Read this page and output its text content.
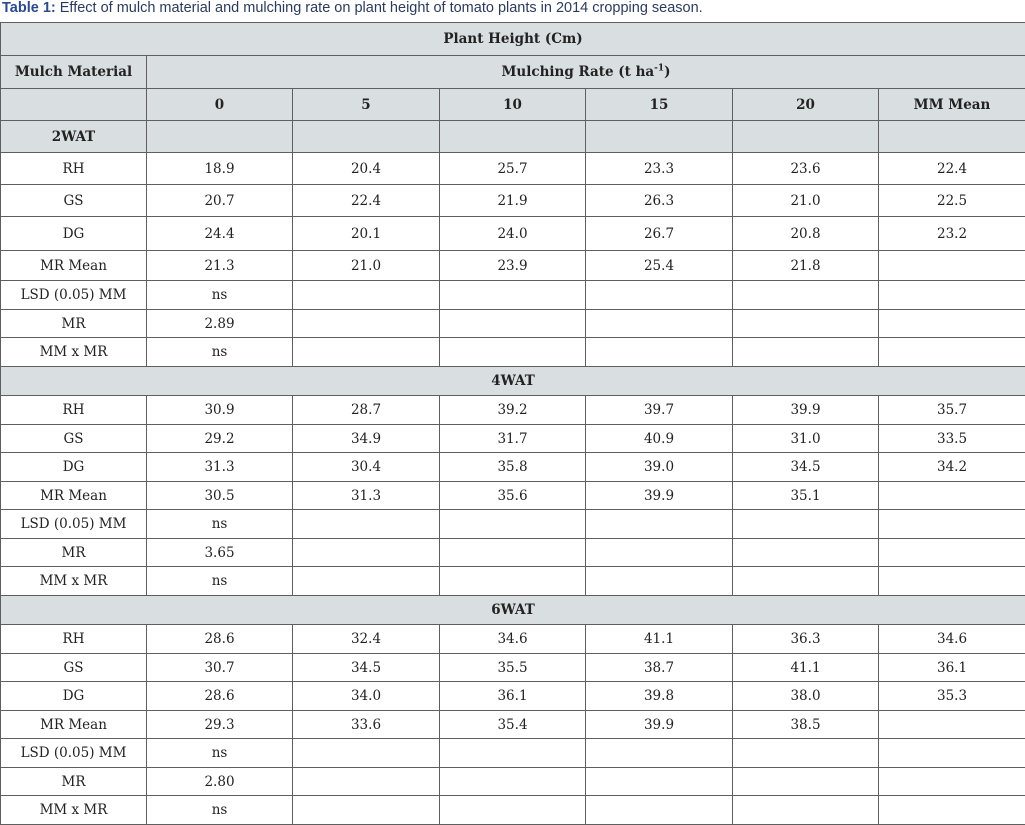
Table 1: Effect of mulch material and mulching rate on plant height of tomato plants in 2014 cropping season.
Plant Height (Cm)						
Mulch Material	Mulching Rate (t $ha^{-1}$)					
	0	5	10	15	20	MM Mean
2WAT						
RH	18.9	20.4	25.7	23.3	23.6	22.4
GS	20.7	22.4	21.9	26.3	21.0	22.5
DG	24.4	20.1	24.0	26.7	20.8	23.2
MR Mean	21.3	21.0	23.9	25.4	21.8	
LSD (0.05) MM	ns					
MR	2.89					
MM x MR	ns					
4WAT						
RH	30.9	28.7	39.2	39.7	39.9	35.7
GS	29.2	34.9	31.7	40.9	31.0	33.5
DG	31.3	30.4	35.8	39.0	34.5	34.2
MR Mean	30.5	31.3	35.6	39.9	35.1	
LSD (0.05) MM	ns					
MR	3.65					
MM x MR	ns					
6WAT						
RH	28.6	32.4	34.6	41.1	36.3	34.6
GS	30.7	34.5	35.5	38.7	41.1	36.1
DG	28.6	34.0	36.1	39.8	38.0	35.3
MR Mean	29.3	33.6	35.4	39.9	38.5	
LSD (0.05) MM	ns					
MR	2.80					
MM x MR	ns					
